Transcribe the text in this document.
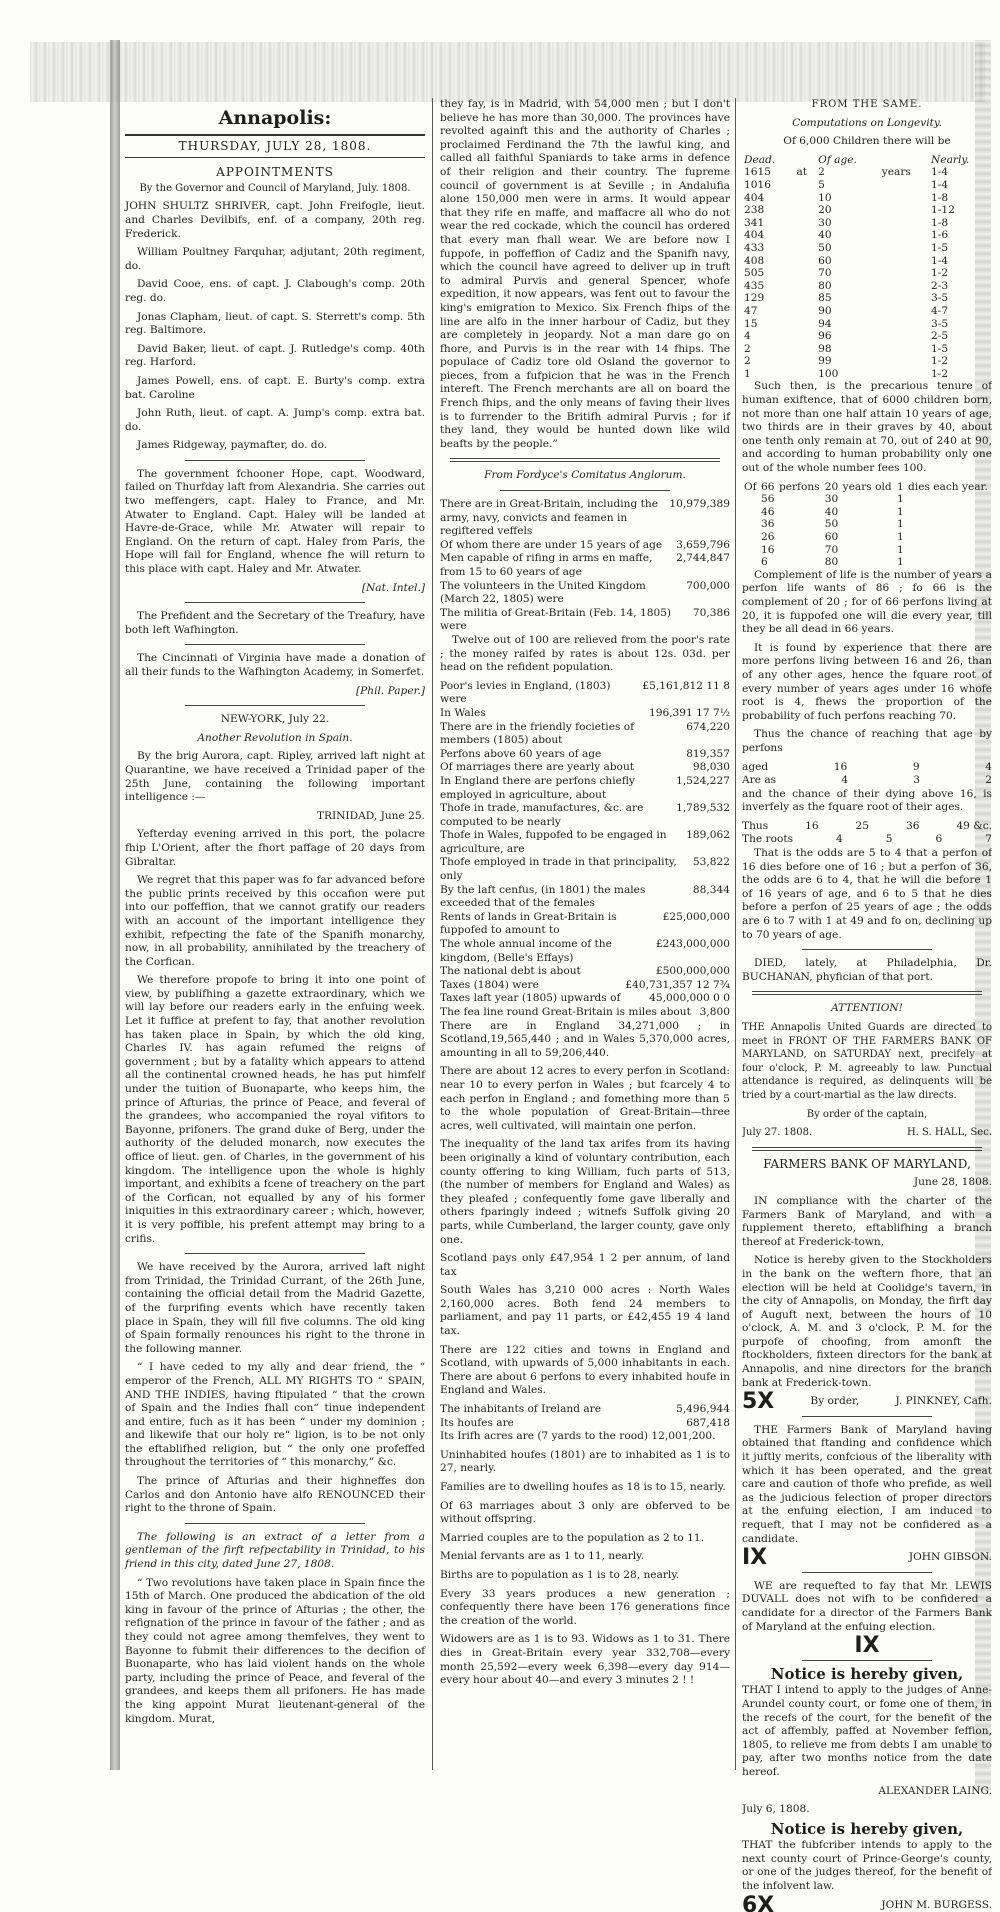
Annapolis:
THURSDAY, JULY 28, 1808.
APPOINTMENTS

By the Governor and Council of Maryland, July. 1808.

JOHN SHULTZ SHRIVER, capt. John Freifogle, lieut. and Charles Devilbifs, enf. of a company, 20th reg. Frederick.

William Poultney Farquhar, adjutant, 20th regiment, do.

David Cooe, ens. of capt. J. Clabough's comp. 20th reg. do.

Jonas Clapham, lieut. of capt. S. Sterrett's comp. 5th reg. Baltimore.

David Baker, lieut. of capt. J. Rutledge's comp. 40th reg. Harford.

James Powell, ens. of capt. E. Burty's comp. extra bat. Caroline

John Ruth, lieut. of capt. A. Jump's comp. extra bat. do.

James Ridgeway, paymafter, do. do.

The government fchooner Hope, capt. Woodward, failed on Thurfday laft from Alexandria. She carries out two meffengers, capt. Haley to France, and Mr. Atwater to England. Capt. Haley will be landed at Havre-de-Grace, while Mr. Atwater will repair to England. On the return of capt. Haley from Paris, the Hope will fail for England, whence fhe will return to this place with capt. Haley and Mr. Atwater.

[Nat. Intel.]

The Prefident and the Secretary of the Treafury, have both left Wafhington.

The Cincinnati of Virginia have made a donation of all their funds to the Wafhington Academy, in Somerfet.

[Phil. Paper.]

NEW-YORK, July 22.

Another Revolution in Spain.

By the brig Aurora, capt. Ripley, arrived laft night at Quarantine, we have received a Trinidad paper of the 25th June, containing the following important intelligence :—

TRINIDAD, June 25.

Yefterday evening arrived in this port, the polacre fhip L'Orient, after the fhort paffage of 20 days from Gibraltar.

We regret that this paper was fo far advanced before the public prints received by this occafion were put into our poffeffion, that we cannot gratify our readers with an account of the important intelligence they exhibit, refpecting the fate of the Spanifh monarchy, now, in all probability, annihilated by the treachery of the Corfican.

We therefore propofe to bring it into one point of view, by publifhing a gazette extraordinary, which we will lay before our readers early in the enfuing week. Let it fuffice at prefent to fay, that another revolution has taken place in Spain, by which the old king, Charles IV. has again refumed the reigns of government ; but by a fatality which appears to attend all the continental crowned heads, he has put himfelf under the tuition of Buonaparte, who keeps him, the prince of Afturias, the prince of Peace, and feveral of the grandees, who accompanied the royal vifitors to Bayonne, prifoners. The grand duke of Berg, under the authority of the deluded monarch, now executes the office of lieut. gen. of Charles, in the government of his kingdom. The intelligence upon the whole is highly important, and exhibits a fcene of treachery on the part of the Corfican, not equalled by any of his former iniquities in this extraordinary career ; which, however, it is very poffible, his prefent attempt may bring to a crifis.

We have received by the Aurora, arrived laft night from Trinidad, the Trinidad Currant, of the 26th June, containing the official detail from the Madrid Gazette, of the furprifing events which have recently taken place in Spain, they will fill five columns. The old king of Spain formally renounces his right to the throne in the following manner.

“ I have ceded to my ally and dear friend, the “ emperor of the French, ALL MY RIGHTS TO “ SPAIN, AND THE INDIES, having ftipulated “ that the crown of Spain and the Indies fhall con“ tinue independent and entire, fuch as it has been “ under my dominion ; and likewife that our holy re“ ligion, is to be not only the eftablifhed religion, but “ the only one profeffed throughout the territories of “ this monarchy,” &c.

The prince of Afturias and their highneffes don Carlos and don Antonio have alfo RENOUNCED their right to the throne of Spain.

The following is an extract of a letter from a gentleman of the firft refpectability in Trinidad, to his friend in this city, dated June 27, 1808.

“ Two revolutions have taken place in Spain fince the 15th of March. One produced the abdication of the old king in favour of the prince of Afturias ; the other, the refignation of the prince in favour of the father ; and as they could not agree among themfelves, they went to Bayonne to fubmit their differences to the decifion of Buonaparte, who has laid violent hands on the whole party, including the prince of Peace, and feveral of the grandees, and keeps them all prifoners. He has made the king appoint Murat lieutenant-general of the kingdom. Murat,

they fay, is in Madrid, with 54,000 men ; but I don't believe he has more than 30,000. The provinces have revolted againft this and the authority of Charles ; proclaimed Ferdinand the 7th the lawful king, and called all faithful Spaniards to take arms in defence of their religion and their country. The fupreme council of government is at Seville ; in Andalufia alone 150,000 men were in arms. It would appear that they rife en maffe, and maffacre all who do not wear the red cockade, which the council has ordered that every man fhall wear. We are before now I fuppofe, in poffeffion of Cadiz and the Spanifh navy, which the council have agreed to deliver up in truft to admiral Purvis and general Spencer, whofe expedition, it now appears, was fent out to favour the king's emigration to Mexico. Six French fhips of the line are alfo in the inner harbour of Cadiz, but they are completely in jeopardy. Not a man dare go on fhore, and Purvis is in the rear with 14 fhips. The populace of Cadiz tore old Osland the governor to pieces, from a fufpicion that he was in the French intereft. The French merchants are all on board the French fhips, and the only means of faving their lives is to furrender to the Britifh admiral Purvis ; for if they land, they would be hunted down like wild beafts by the people.”

From Fordyce's Comitatus Anglorum.

There are in Great-Britain, including the army, navy, convicts and feamen in regiftered veffels
10,979,389
Of whom there are under 15 years of age 3,659,796
Men capable of rifing in arms en maffe, from 15 to 60 years of age
2,744,847
The volunteers in the United Kingdom (March 22, 1805) were
700,000
The militia of Great-Britain (Feb. 14, 1805) were
70,386

Twelve out of 100 are relieved from the poor's rate ; the money raifed by rates is about 12s. 03d. per head on the refident population.

Poor's levies in England, (1803) were
£5,161,812 11 8
In Wales	196,391 17 7½
There are in the friendly focieties of members (1805) about
674,220
Perfons above 60 years of age	819,357
Of marriages there are yearly about	98,030
In England there are perfons chiefly employed in agriculture, about
1,524,227
Thofe in trade, manufactures, &c. are computed to be nearly
1,789,532
Thofe in Wales, fuppofed to be engaged in agriculture, are
189,062
Thofe employed in trade in that principality, only
53,822
By the laft cenfus, (in 1801) the males exceeded that of the females
88,344
Rents of lands in Great-Britain is fuppofed to amount to
£25,000,000
The whole annual income of the kingdom, (Belle's Effays)
£243,000,000
The national debt is about	£500,000,000
Taxes (1804) were	£40,731,357 12 7¾
Taxes laft year (1805) upwards of	45,000,000 0 0
The fea line round Great-Britain is miles about 3,800

There are in England 34,271,000 ; in Scotland,19,565,440 ; and in Wales 5,370,000 acres, amounting in all to 59,206,440.

There are about 12 acres to every perfon in Scotland: near 10 to every perfon in Wales ; but fcarcely 4 to each perfon in England ; and fomething more than 5 to the whole population of Great-Britain—three acres, well cultivated, will maintain one perfon.

The inequality of the land tax arifes from its having been originally a kind of voluntary contribution, each county offering to king William, fuch parts of 513, (the number of members for England and Wales) as they pleafed ; confequently fome gave liberally and others fparingly indeed ; witnefs Suffolk giving 20 parts, while Cumberland, the larger county, gave only one.

Scotland pays only £47,954 1 2 per annum, of land tax

South Wales has 3,210 000 acres : North Wales 2,160,000 acres. Both fend 24 members to parliament, and pay 11 parts, or £42,455 19 4 land tax.

There are 122 cities and towns in England and Scotland, with upwards of 5,000 inhabitants in each. There are about 6 perfons to every inhabited houfe in England and Wales.

The inhabitants of Ireland are	5,496,944
Its houfes are	687,418

Its Irifh acres are (7 yards to the rood) 12,001,200.

Uninhabited houfes (1801) are to inhabited as 1 is to 27, nearly.

Families are to dwelling houfes as 18 is to 15, nearly.

Of 63 marriages about 3 only are obferved to be without offspring.

Married couples are to the population as 2 to 11.

Menial fervants are as 1 to 11, nearly.

Births are to population as 1 is to 28, nearly.

Every 33 years produces a new generation ; confequently there have been 176 generations fince the creation of the world.

Widowers are as 1 is to 93. Widows as 1 to 31. There dies in Great-Britain every year 332,708—every month 25,592—every week 6,398—every day 914—every hour about 40—and every 3 minutes 2 ! !

FROM THE SAME.

Computations on Longevity.

Of 6,000 Children there will be

Dead.		Of age.		Nearly.
1615	at	2	years	1-4
1016		5		1-4
404		10		1-8
238		20		1-12
341		30		1-8
404		40		1-6
433		50		1-5
408		60		1-4
505		70		1-2
435		80		2-3
129		85		3-5
47		90		4-7
15		94		3-5
4		96		2-5
2		98		1-5
2		99		1-2
1		100		1-2

Such then, is the precarious tenure of human exiftence, that of 6000 children born, not more than one half attain 10 years of age, two thirds are in their graves by 40, about one tenth only remain at 70, out of 240 at 90, and according to human probability only one out of the whole number fees 100.

Of	66	perfons	20	years old	1	dies each year.
	56		30		1	
	46		40		1	
	36		50		1	
	26		60		1	
	16		70		1	
	6		80		1	

Complement of life is the number of years a perfon life wants of 86 ; fo 66 is the complement of 20 ; for of 66 perfons living at 20, it is fuppofed one will die every year, till they be all dead in 66 years.

It is found by experience that there are more perfons living between 16 and 26, than of any other ages, hence the fquare root of every number of years ages under 16 whofe root is 4, fhews the proportion of the probability of fuch perfons reaching 70.

Thus the chance of reaching that age by perfons

aged	16	9	4
Are as	4	3	2

and the chance of their dying above 16, is inverfely as the fquare root of their ages.

Thus	16	25	36	49 &c.
The roots	4	5	6	7

That is the odds are 5 to 4 that a perfon of 16 dies before one of 16 ; but a perfon of 36, the odds are 6 to 4, that he will die before 1 of 16 years of age, and 6 to 5 that he dies before a perfon of 25 years of age ; the odds are 6 to 7 with 1 at 49 and fo on, declining up to 70 years of age.

DIED, lately, at Philadelphia, Dr. BUCHANAN, phyfician of that port.

ATTENTION!

THE Annapolis United Guards are directed to meet in FRONT OF THE FARMERS BANK OF MARYLAND, on SATURDAY next, precifely at four o'clock, P. M. agreeably to law. Punctual attendance is required, as delinquents will be tried by a court-martial as the law directs.

By order of the captain,

July 27. 1808.	H. S. HALL, Sec.

FARMERS BANK OF MARYLAND,

June 28, 1808.

IN compliance with the charter of the Farmers Bank of Maryland, and with a fupplement thereto, eftablifhing a branch thereof at Frederick-town,

Notice is hereby given to the Stockholders in the bank on the weftern fhore, that an election will be held at Coolidge's tavern, in the city of Annapolis, on Monday, the firft day of Auguft next, between the hours of 10 o'clock, A. M. and 3 o'clock, P. M. for the purpofe of choofing, from amonft the ftockholders, fixteen directors for the bank at Annapolis, and nine directors for the branch bank at Frederick-town.

5X	By order,	J. PINKNEY, Cafh.

THE Farmers Bank of Maryland having obtained that ftanding and confidence which it juftly merits, confcious of the liberality with which it has been operated, and the great care and caution of thofe who prefide, as well as the judicious felection of proper directors at the enfuing election, I am induced to requeft, that I may not be confidered as a candidate.

IX	JOHN GIBSON.

WE are requefted to fay that Mr. LEWIS DUVALL does not wifh to be confidered a candidate for a director of the Farmers Bank of Maryland at the enfuing election.

IX

Notice is hereby given,

THAT I intend to apply to the judges of Anne-Arundel county court, or fome one of them, in the recefs of the court, for the benefit of the act of affembly, paffed at November feffion, 1805, to relieve me from debts I am unable to pay, after two months notice from the date hereof.

ALEXANDER LAING.

July 6, 1808.

Notice is hereby given,

THAT the fubfcriber intends to apply to the next county court of Prince-George's county, or one of the judges thereof, for the benefit of the infolvent law.

6X	JOHN M. BURGESS.
